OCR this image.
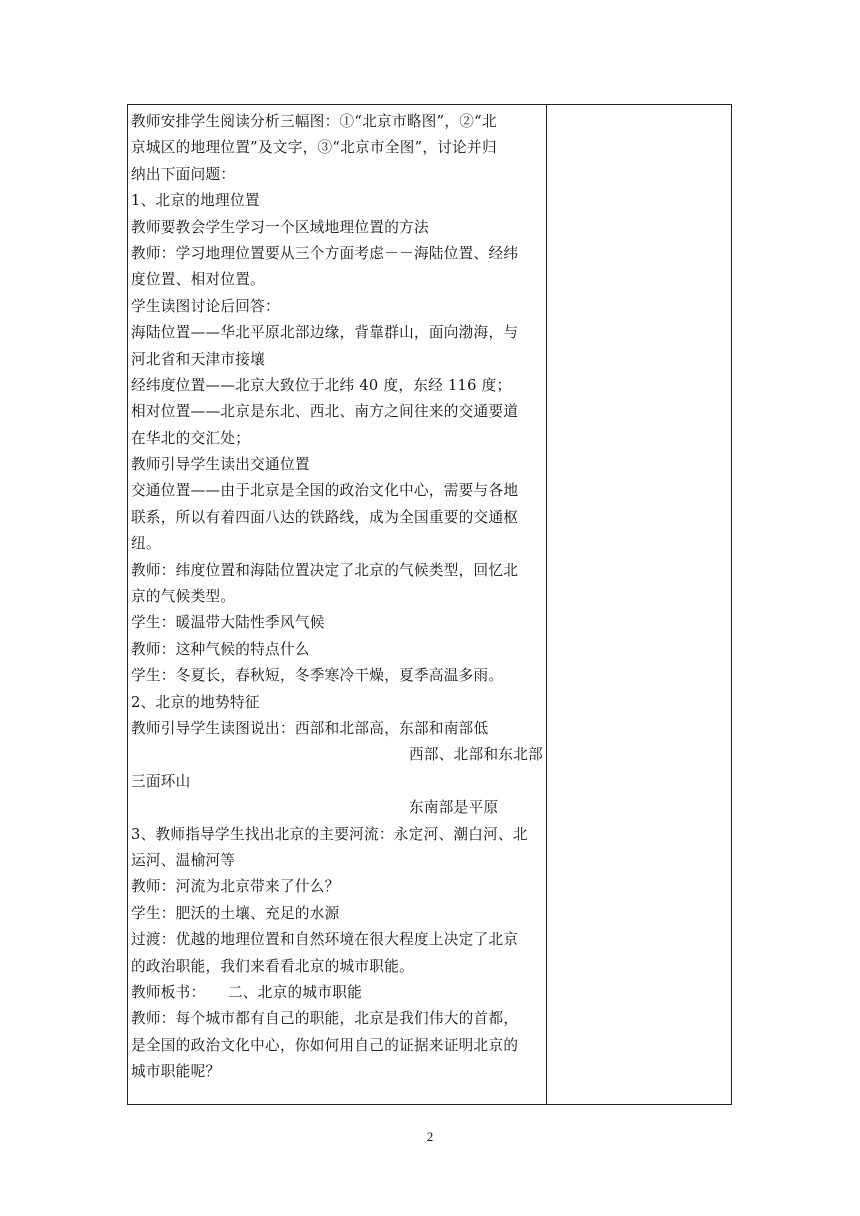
教师安排学生阅读分析三幅图：①“北京市略图”，②“北
京城区的地理位置”及文字，③“北京市全图”，讨论并归
纳出下面问题：
1、北京的地理位置
教师要教会学生学习一个区域地理位置的方法
教师：学习地理位置要从三个方面考虑－－海陆位置、经纬
度位置、相对位置。
学生读图讨论后回答：
海陆位置——华北平原北部边缘，背靠群山，面向渤海，与
河北省和天津市接壤
经纬度位置——北京大致位于北纬 40 度，东经 116 度；
相对位置——北京是东北、西北、南方之间往来的交通要道
在华北的交汇处；
教师引导学生读出交通位置
交通位置——由于北京是全国的政治文化中心，需要与各地
联系，所以有着四面八达的铁路线，成为全国重要的交通枢
纽。
教师：纬度位置和海陆位置决定了北京的气候类型，回忆北
京的气候类型。
学生：暖温带大陆性季风气候
教师：这种气候的特点什么
学生：冬夏长，春秋短，冬季寒冷干燥，夏季高温多雨。
2、北京的地势特征
教师引导学生读图说出：西部和北部高，东部和南部低
西部、北部和东北部
三面环山
东南部是平原
3、教师指导学生找出北京的主要河流：永定河、潮白河、北
运河、温榆河等
教师：河流为北京带来了什么？
学生：肥沃的土壤、充足的水源
过渡：优越的地理位置和自然环境在很大程度上决定了北京
的政治职能，我们来看看北京的城市职能。
教师板书：　　二、北京的城市职能
教师：每个城市都有自己的职能，北京是我们伟大的首都，
是全国的政治文化中心，你如何用自己的证据来证明北京的
城市职能呢？

2
